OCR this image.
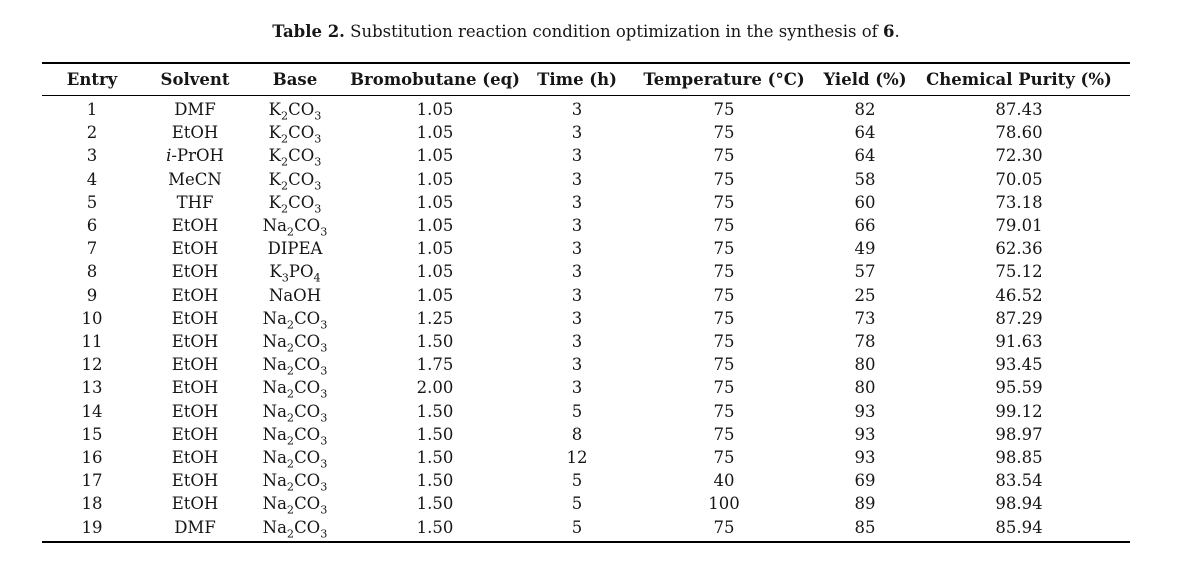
Table 2. Substitution reaction condition optimization in the synthesis of 6.
Entry	Solvent	Base	Bromobutane (eq)	Time (h)	Temperature (°C)	Yield (%)	Chemical Purity (%)
1	DMF	$K_2CO_3$	1.05	3	75	82	87.43
2	EtOH	$K_2CO_3$	1.05	3	75	64	78.60
3	i-PrOH	$K_2CO_3$	1.05	3	75	64	72.30
4	MeCN	$K_2CO_3$	1.05	3	75	58	70.05
5	THF	$K_2CO_3$	1.05	3	75	60	73.18
6	EtOH	$Na_2CO_3$	1.05	3	75	66	79.01
7	EtOH	DIPEA	1.05	3	75	49	62.36
8	EtOH	$K_3PO_4$	1.05	3	75	57	75.12
9	EtOH	NaOH	1.05	3	75	25	46.52
10	EtOH	$Na_2CO_3$	1.25	3	75	73	87.29
11	EtOH	$Na_2CO_3$	1.50	3	75	78	91.63
12	EtOH	$Na_2CO_3$	1.75	3	75	80	93.45
13	EtOH	$Na_2CO_3$	2.00	3	75	80	95.59
14	EtOH	$Na_2CO_3$	1.50	5	75	93	99.12
15	EtOH	$Na_2CO_3$	1.50	8	75	93	98.97
16	EtOH	$Na_2CO_3$	1.50	12	75	93	98.85
17	EtOH	$Na_2CO_3$	1.50	5	40	69	83.54
18	EtOH	$Na_2CO_3$	1.50	5	100	89	98.94
19	DMF	$Na_2CO_3$	1.50	5	75	85	85.94
